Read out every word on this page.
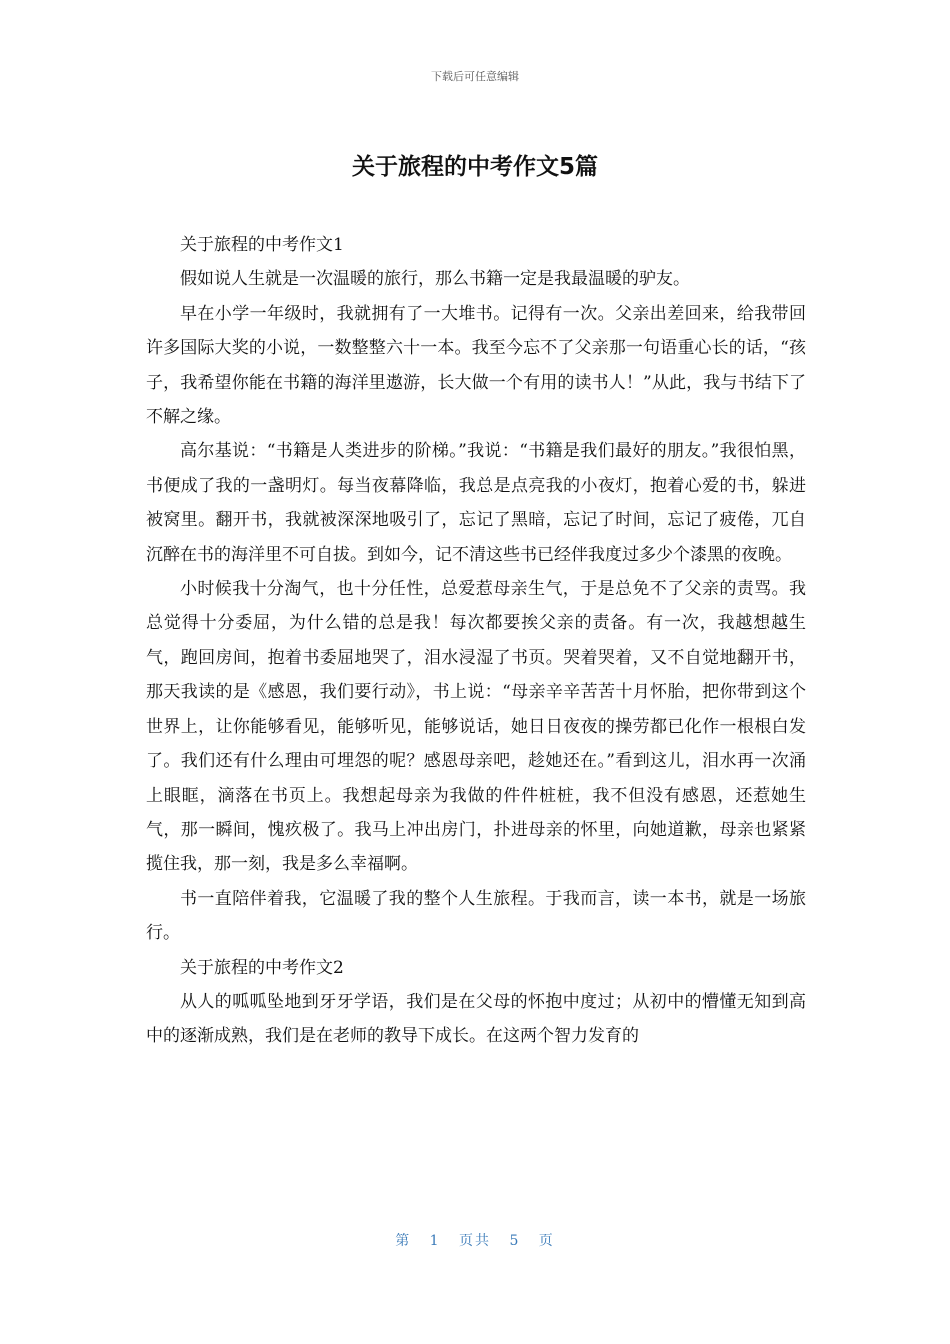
下载后可任意编辑
关于旅程的中考作文5篇

关于旅程的中考作文1

假如说人生就是一次温暖的旅行，那么书籍一定是我最温暖的驴友。

早在小学一年级时，我就拥有了一大堆书。记得有一次。父亲出差回来，给我带回许多国际大奖的小说，一数整整六十一本。我至今忘不了父亲那一句语重心长的话，“孩子，我希望你能在书籍的海洋里遨游，长大做一个有用的读书人！”从此，我与书结下了不解之缘。

高尔基说：“书籍是人类进步的阶梯。”我说：“书籍是我们最好的朋友。”我很怕黑，书便成了我的一盏明灯。每当夜幕降临，我总是点亮我的小夜灯，抱着心爱的书，躲进被窝里。翻开书，我就被深深地吸引了，忘记了黑暗，忘记了时间，忘记了疲倦，兀自沉醉在书的海洋里不可自拔。到如今，记不清这些书已经伴我度过多少个漆黑的夜晚。

小时候我十分淘气，也十分任性，总爱惹母亲生气，于是总免不了父亲的责骂。我总觉得十分委屈，为什么错的总是我！每次都要挨父亲的责备。有一次，我越想越生气，跑回房间，抱着书委屈地哭了，泪水浸湿了书页。哭着哭着，又不自觉地翻开书，那天我读的是《感恩，我们要行动》，书上说：“母亲辛辛苦苦十月怀胎，把你带到这个世界上，让你能够看见，能够听见，能够说话，她日日夜夜的操劳都已化作一根根白发了。我们还有什么理由可埋怨的呢？感恩母亲吧，趁她还在。”看到这儿，泪水再一次涌上眼眶，滴落在书页上。我想起母亲为我做的件件桩桩，我不但没有感恩，还惹她生气，那一瞬间，愧疚极了。我马上冲出房门，扑进母亲的怀里，向她道歉，母亲也紧紧揽住我，那一刻，我是多么幸福啊。

书一直陪伴着我，它温暖了我的整个人生旅程。于我而言，读一本书，就是一场旅行。

关于旅程的中考作文2

从人的呱呱坠地到牙牙学语，我们是在父母的怀抱中度过；从初中的懵懂无知到高中的逐渐成熟，我们是在老师的教导下成长。在这两个智力发育的

第 1 页共 5 页
